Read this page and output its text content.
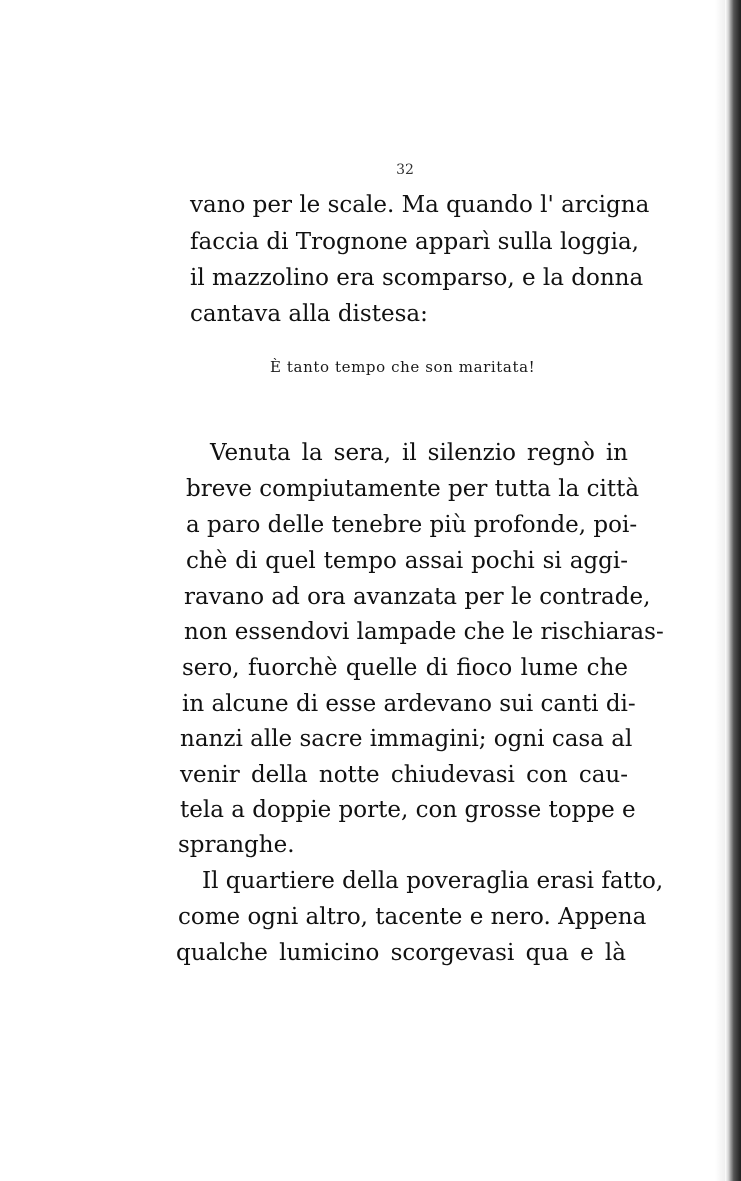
32
vano per le scale. Ma quando l' arcigna
faccia di Trognone apparì sulla loggia,
il mazzolino era scomparso, e la donna
cantava alla distesa:
È tanto tempo che son maritata!
Venuta la sera, il silenzio regnò in
breve compiutamente per tutta la città
a paro delle tenebre più profonde, poi-
chè di quel tempo assai pochi si aggi-
ravano ad ora avanzata per le contrade,
non essendovi lampade che le rischiaras-
sero, fuorchè quelle di fioco lume che
in alcune di esse ardevano sui canti di-
nanzi alle sacre immagini; ogni casa al
venir della notte chiudevasi con cau-
tela a doppie porte, con grosse toppe e
spranghe.
Il quartiere della poveraglia erasi fatto,
come ogni altro, tacente e nero. Appena
qualche lumicino scorgevasi qua e là
